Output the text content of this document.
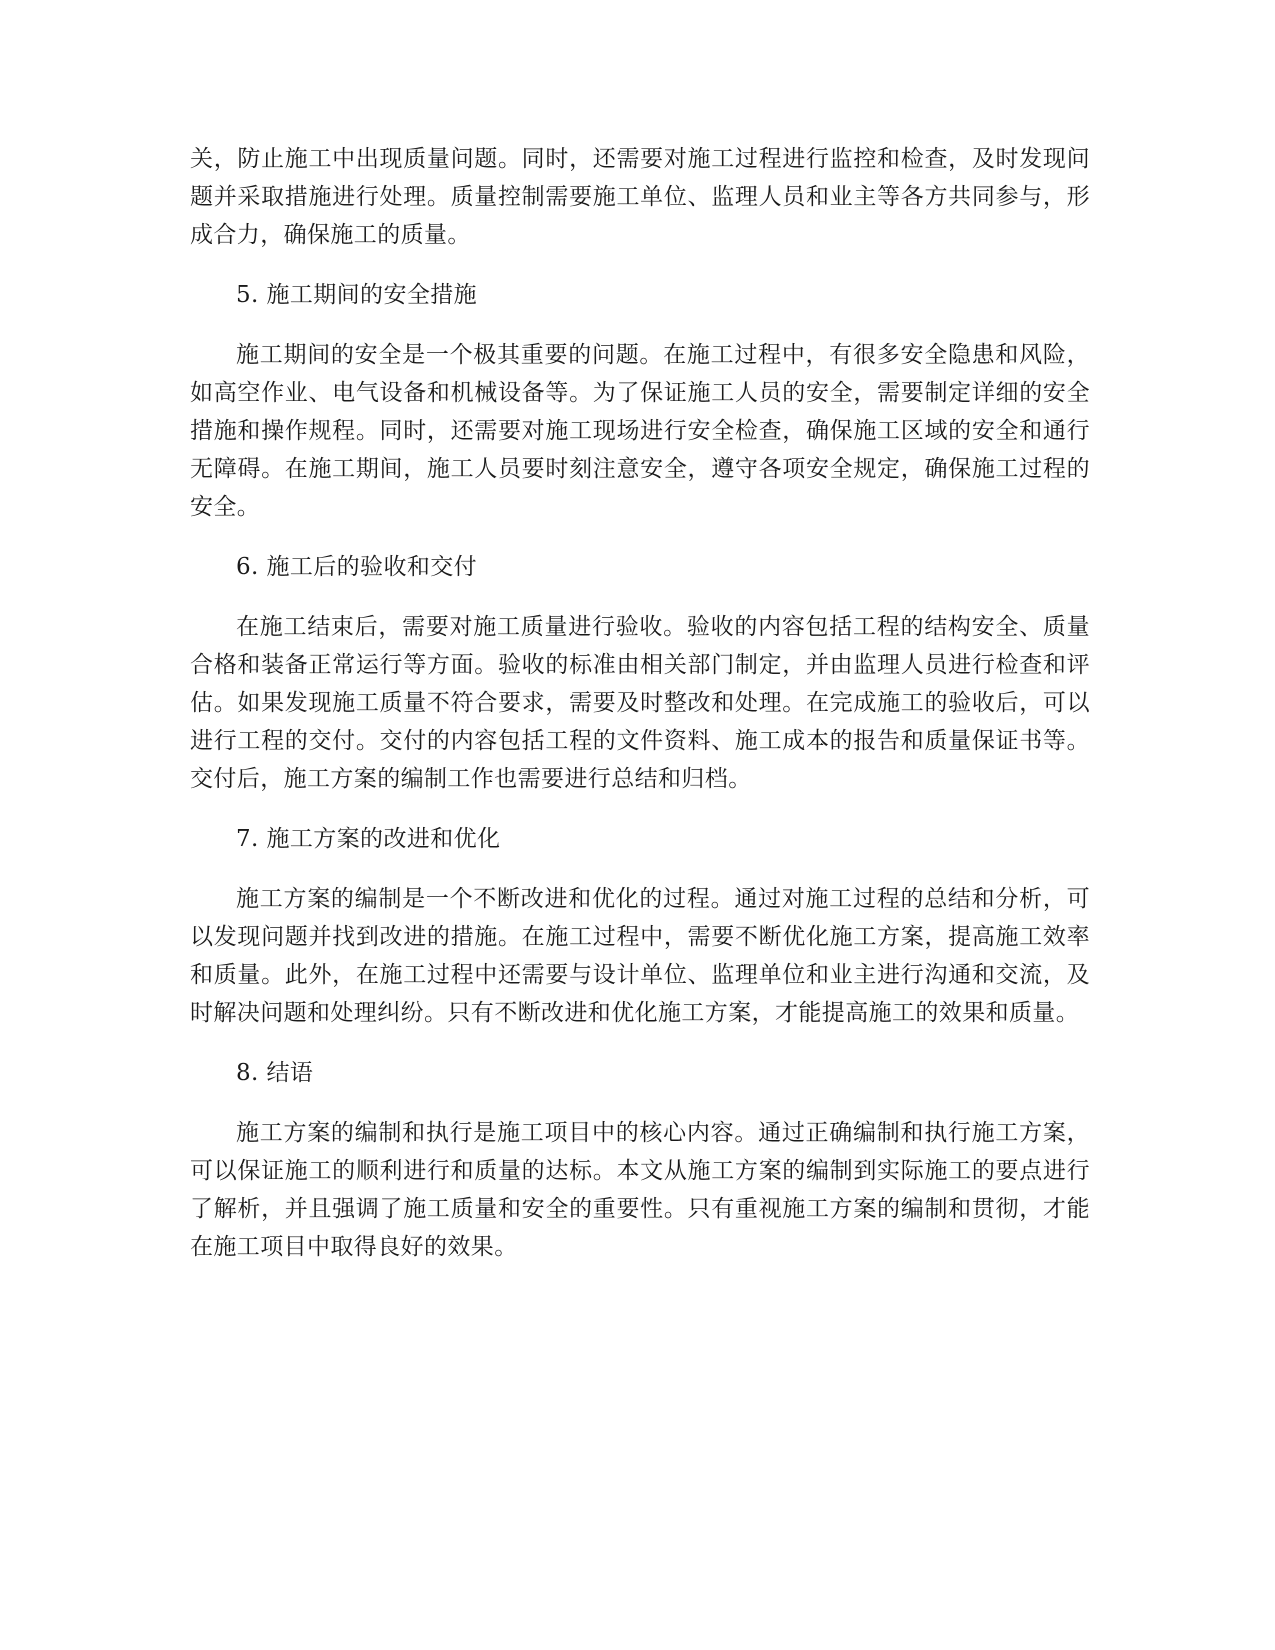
关，防止施工中出现质量问题。同时，还需要对施工过程进行监控和检查，及时发现问题并采取措施进行处理。质量控制需要施工单位、监理人员和业主等各方共同参与，形成合力，确保施工的质量。

5. 施工期间的安全措施

施工期间的安全是一个极其重要的问题。在施工过程中，有很多安全隐患和风险，如高空作业、电气设备和机械设备等。为了保证施工人员的安全，需要制定详细的安全措施和操作规程。同时，还需要对施工现场进行安全检查，确保施工区域的安全和通行无障碍。在施工期间，施工人员要时刻注意安全，遵守各项安全规定，确保施工过程的安全。

6. 施工后的验收和交付

在施工结束后，需要对施工质量进行验收。验收的内容包括工程的结构安全、质量合格和装备正常运行等方面。验收的标准由相关部门制定，并由监理人员进行检查和评估。如果发现施工质量不符合要求，需要及时整改和处理。在完成施工的验收后，可以进行工程的交付。交付的内容包括工程的文件资料、施工成本的报告和质量保证书等。交付后，施工方案的编制工作也需要进行总结和归档。

7. 施工方案的改进和优化

施工方案的编制是一个不断改进和优化的过程。通过对施工过程的总结和分析，可以发现问题并找到改进的措施。在施工过程中，需要不断优化施工方案，提高施工效率和质量。此外，在施工过程中还需要与设计单位、监理单位和业主进行沟通和交流，及时解决问题和处理纠纷。只有不断改进和优化施工方案，才能提高施工的效果和质量。

8. 结语

施工方案的编制和执行是施工项目中的核心内容。通过正确编制和执行施工方案，可以保证施工的顺利进行和质量的达标。本文从施工方案的编制到实际施工的要点进行了解析，并且强调了施工质量和安全的重要性。只有重视施工方案的编制和贯彻，才能在施工项目中取得良好的效果。
